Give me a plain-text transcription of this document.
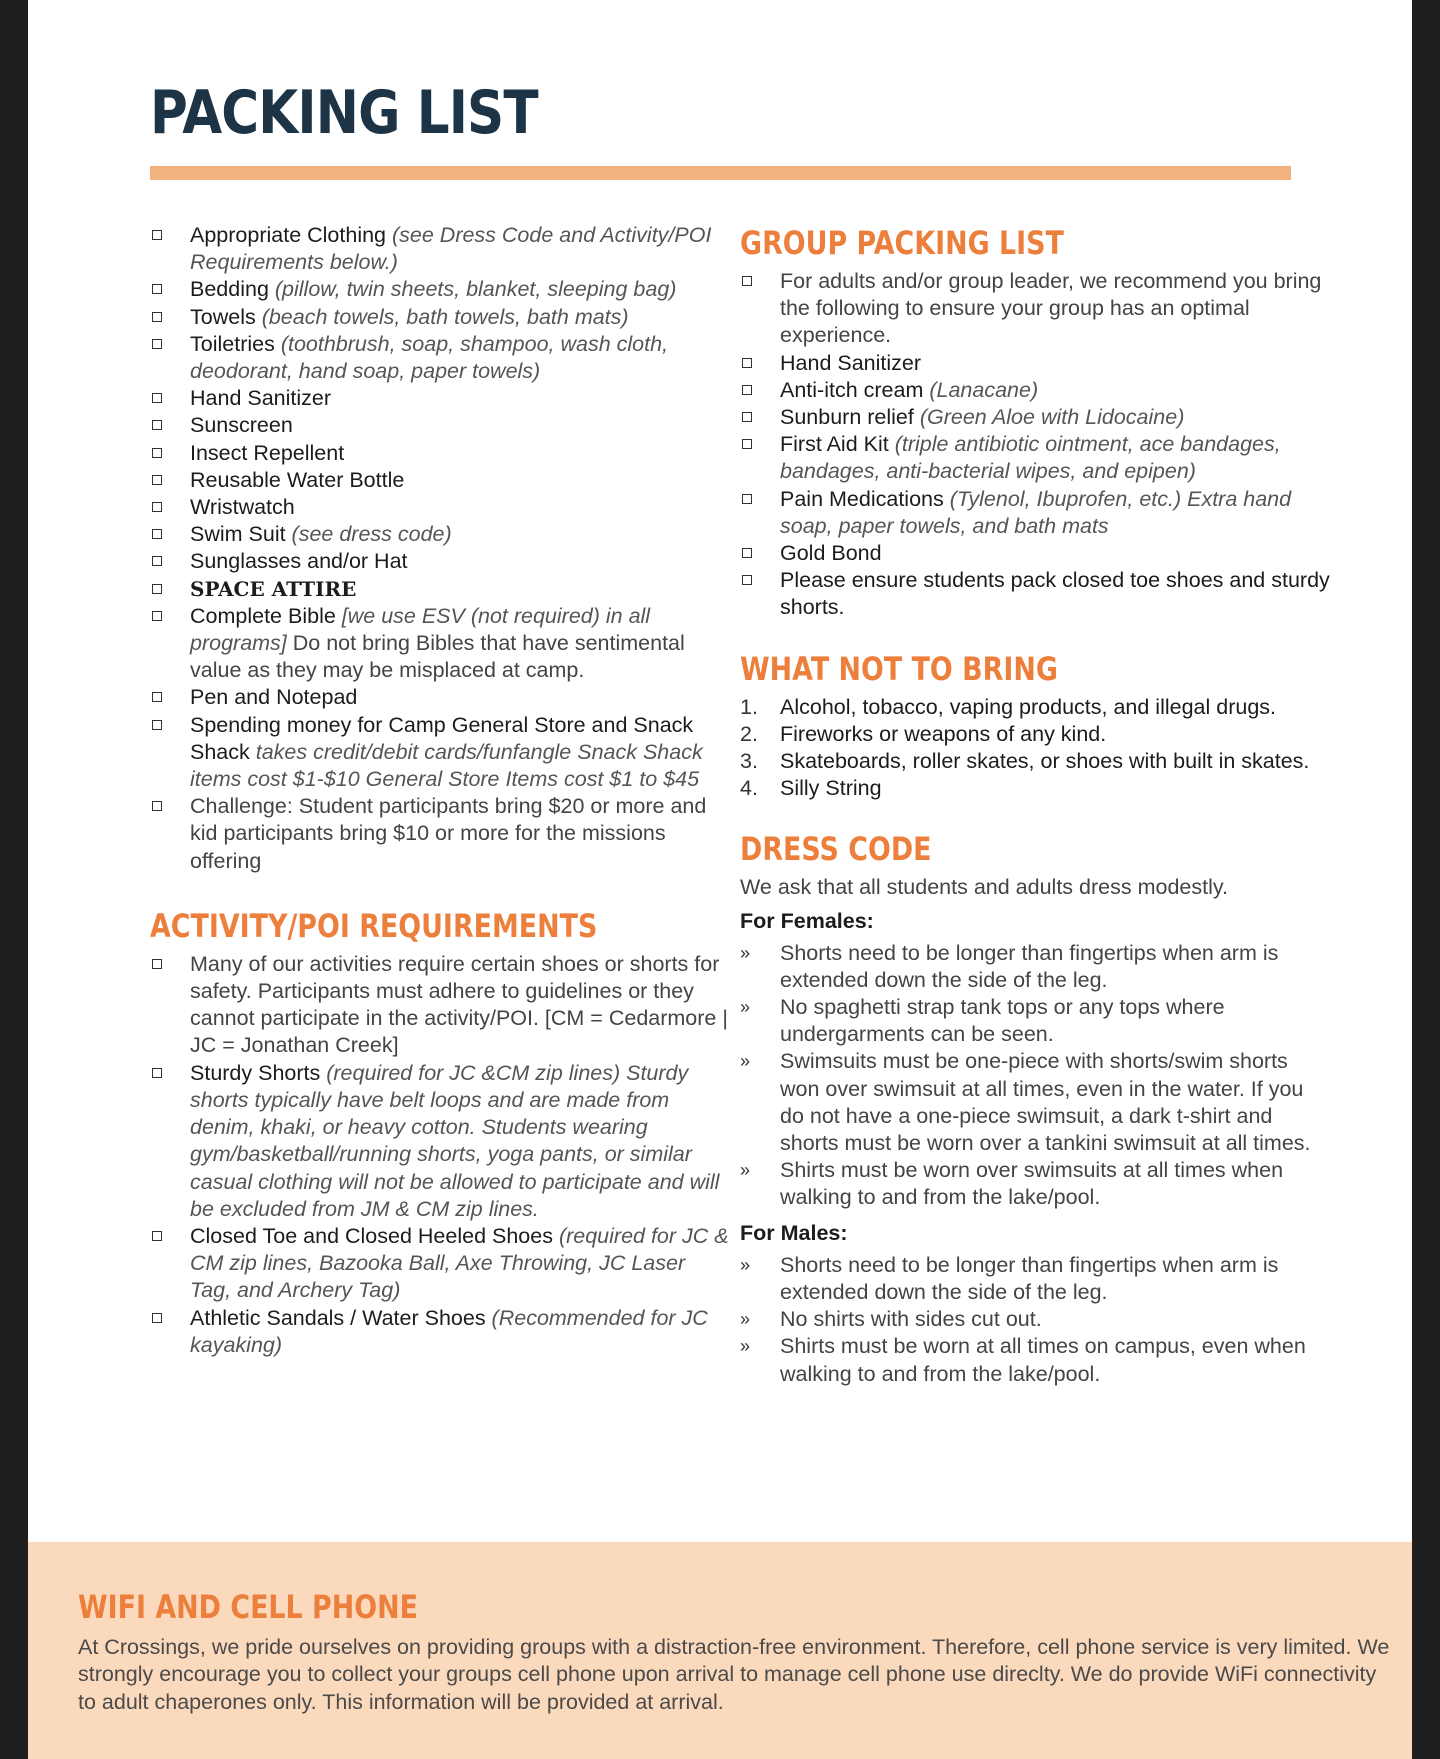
PACKING LIST
Appropriate Clothing (see Dress Code and Activity/POI Requirements below.)
Bedding (pillow, twin sheets, blanket, sleeping bag)
Towels (beach towels, bath towels, bath mats)
Toiletries (toothbrush, soap, shampoo, wash cloth, deodorant, hand soap, paper towels)
Hand Sanitizer
Sunscreen
Insect Repellent
Reusable Water Bottle
Wristwatch
Swim Suit (see dress code)
Sunglasses and/or Hat
SPACE ATTIRE
Complete Bible [we use ESV (not required) in all programs] Do not bring Bibles that have sentimental value as they may be misplaced at camp.
Pen and Notepad
Spending money for Camp General Store and Snack Shack takes credit/debit cards/funfangle Snack Shack items cost $1-$10 General Store Items cost $1 to $45
Challenge: Student participants bring $20 or more and kid participants bring $10 or more for the missions offering
ACTIVITY/POI REQUIREMENTS
Many of our activities require certain shoes or shorts for safety. Participants must adhere to guidelines or they cannot participate in the activity/POI. [CM = Cedarmore | JC = Jonathan Creek]
Sturdy Shorts (required for JC &CM zip lines) Sturdy shorts typically have belt loops and are made from denim, khaki, or heavy cotton. Students wearing gym/basketball/running shorts, yoga pants, or similar casual clothing will not be allowed to participate and will be excluded from JM & CM zip lines.
Closed Toe and Closed Heeled Shoes (required for JC & CM zip lines, Bazooka Ball, Axe Throwing, JC Laser Tag, and Archery Tag)
Athletic Sandals / Water Shoes (Recommended for JC kayaking)
GROUP PACKING LIST
For adults and/or group leader, we recommend you bring the following to ensure your group has an optimal experience.
Hand Sanitizer
Anti-itch cream (Lanacane)
Sunburn relief (Green Aloe with Lidocaine)
First Aid Kit (triple antibiotic ointment, ace bandages, bandages, anti-bacterial wipes, and epipen)
Pain Medications (Tylenol, Ibuprofen, etc.) Extra hand soap, paper towels, and bath mats
Gold Bond
Please ensure students pack closed toe shoes and sturdy shorts.
WHAT NOT TO BRING
1. Alcohol, tobacco, vaping products, and illegal drugs.
2. Fireworks or weapons of any kind.
3. Skateboards, roller skates, or shoes with built in skates.
4. Silly String
DRESS CODE

We ask that all students and adults dress modestly.

For Females:

» Shorts need to be longer than fingertips when arm is extended down the side of the leg.
» No spaghetti strap tank tops or any tops where undergarments can be seen.
» Swimsuits must be one-piece with shorts/swim shorts won over swimsuit at all times, even in the water. If you do not have a one-piece swimsuit, a dark t-shirt and shorts must be worn over a tankini swimsuit at all times.
» Shirts must be worn over swimsuits at all times when walking to and from the lake/pool.

For Males:

» Shorts need to be longer than fingertips when arm is extended down the side of the leg.
» No shirts with sides cut out.
» Shirts must be worn at all times on campus, even when walking to and from the lake/pool.
WIFI AND CELL PHONE

At Crossings, we pride ourselves on providing groups with a distraction-free environment. Therefore, cell phone service is very limited. We strongly encourage you to collect your groups cell phone upon arrival to manage cell phone use direclty. We do provide WiFi connectivity to adult chaperones only. This information will be provided at arrival.
